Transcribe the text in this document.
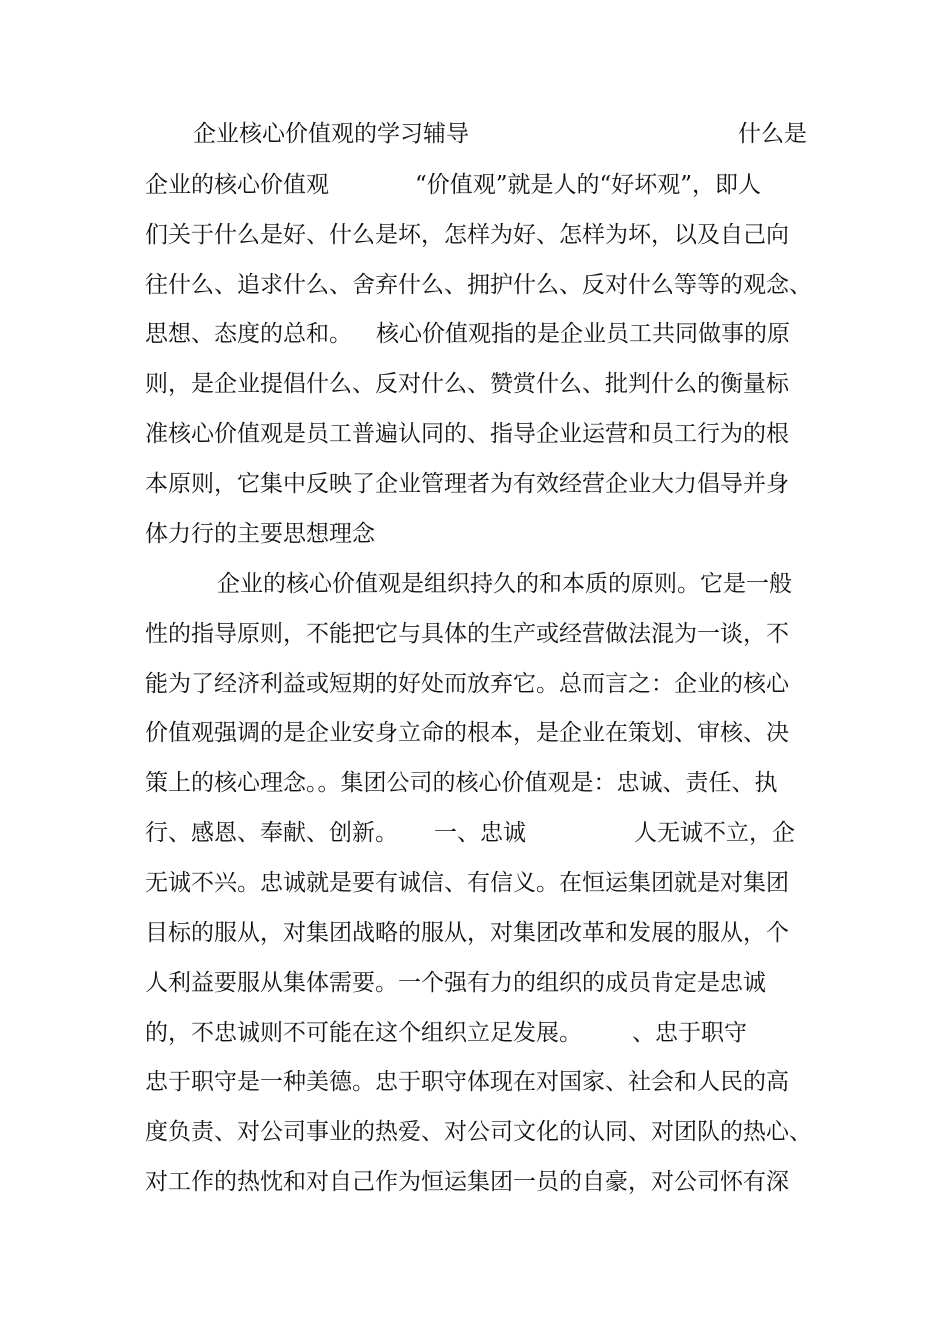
企业核心价值观的学习辅导	什么是
企业的核心价值观	“价值观”就是人的“好坏观”，即人
们关于什么是好、什么是坏，怎样为好、怎样为坏，以及自己向
往什么、追求什么、舍弃什么、拥护什么、反对什么等等的观念、
思想、态度的总和。 核心价值观指的是企业员工共同做事的原
则，是企业提倡什么、反对什么、赞赏什么、批判什么的衡量标
准核心价值观是员工普遍认同的、指导企业运营和员工行为的根
本原则，它集中反映了企业管理者为有效经营企业大力倡导并身
体力行的主要思想理念
企业的核心价值观是组织持久的和本质的原则。它是一般
性的指导原则，不能把它与具体的生产或经营做法混为一谈，不
能为了经济利益或短期的好处而放弃它。总而言之：企业的核心
价值观强调的是企业安身立命的根本，是企业在策划、审核、决
策上的核心理念。。集团公司的核心价值观是：忠诚、责任、执
行、感恩、奉献、创新。 一、忠诚	人无诚不立，企
无诚不兴。忠诚就是要有诚信、有信义。在恒运集团就是对集团
目标的服从，对集团战略的服从，对集团改革和发展的服从，个
人利益要服从集体需要。一个强有力的组织的成员肯定是忠诚
的，不忠诚则不可能在这个组织立足发展。 、忠于职守
忠于职守是一种美德。忠于职守体现在对国家、社会和人民的高
度负责、对公司事业的热爱、对公司文化的认同、对团队的热心、
对工作的热忱和对自己作为恒运集团一员的自豪，对公司怀有深
